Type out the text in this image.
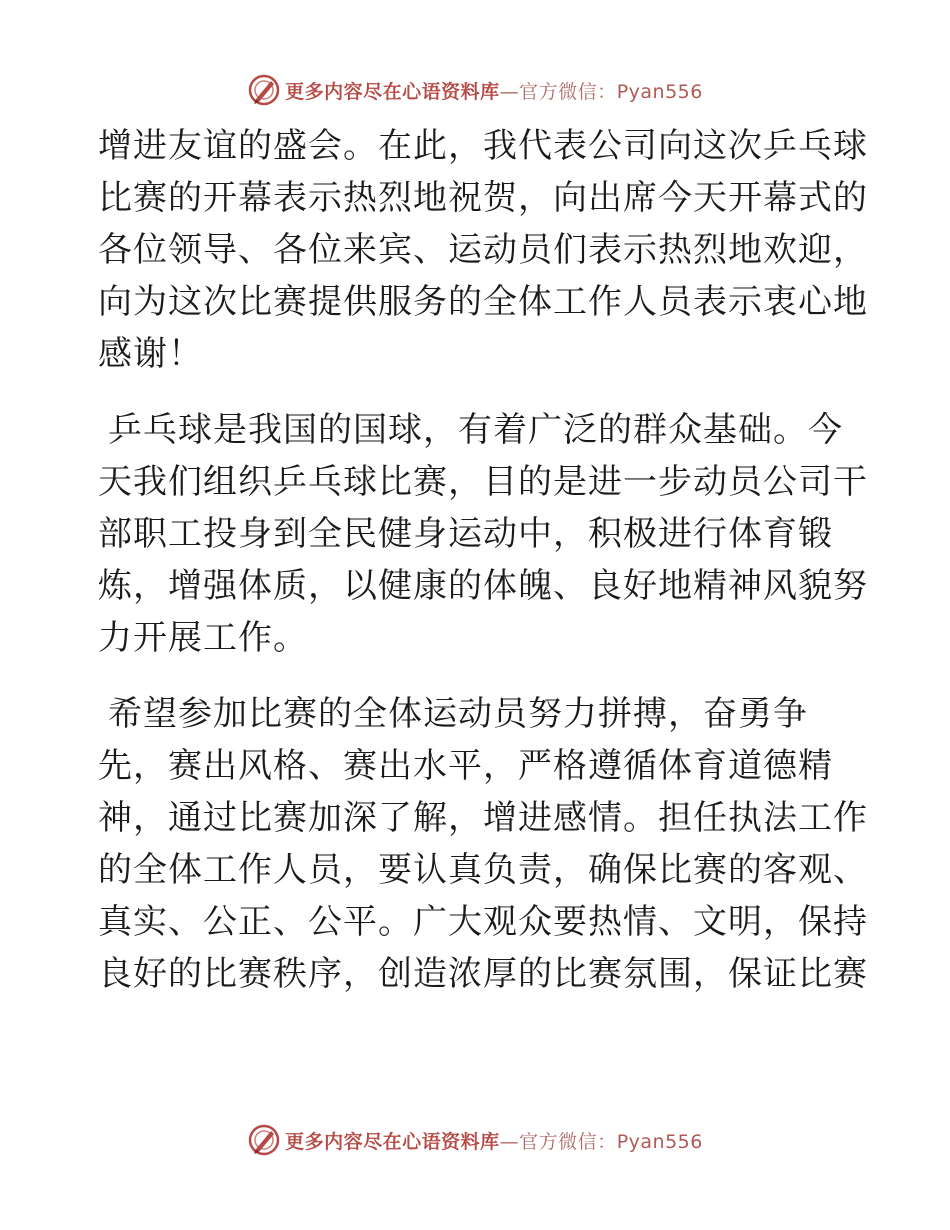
更多内容尽在心语资料库—官方微信：Pyan556
增进友谊的盛会。在此，我代表公司向这次乒乓球
比赛的开幕表示热烈地祝贺，向出席今天开幕式的
各位领导、各位来宾、运动员们表示热烈地欢迎，
向为这次比赛提供服务的全体工作人员表示衷心地
感谢！
乒乓球是我国的国球，有着广泛的群众基础。今
天我们组织乒乓球比赛，目的是进一步动员公司干
部职工投身到全民健身运动中，积极进行体育锻
炼，增强体质，以健康的体魄、良好地精神风貌努
力开展工作。
希望参加比赛的全体运动员努力拼搏，奋勇争
先，赛出风格、赛出水平，严格遵循体育道德精
神，通过比赛加深了解，增进感情。担任执法工作
的全体工作人员，要认真负责，确保比赛的客观、
真实、公正、公平。广大观众要热情、文明，保持
良好的比赛秩序，创造浓厚的比赛氛围，保证比赛
更多内容尽在心语资料库—官方微信：Pyan556
